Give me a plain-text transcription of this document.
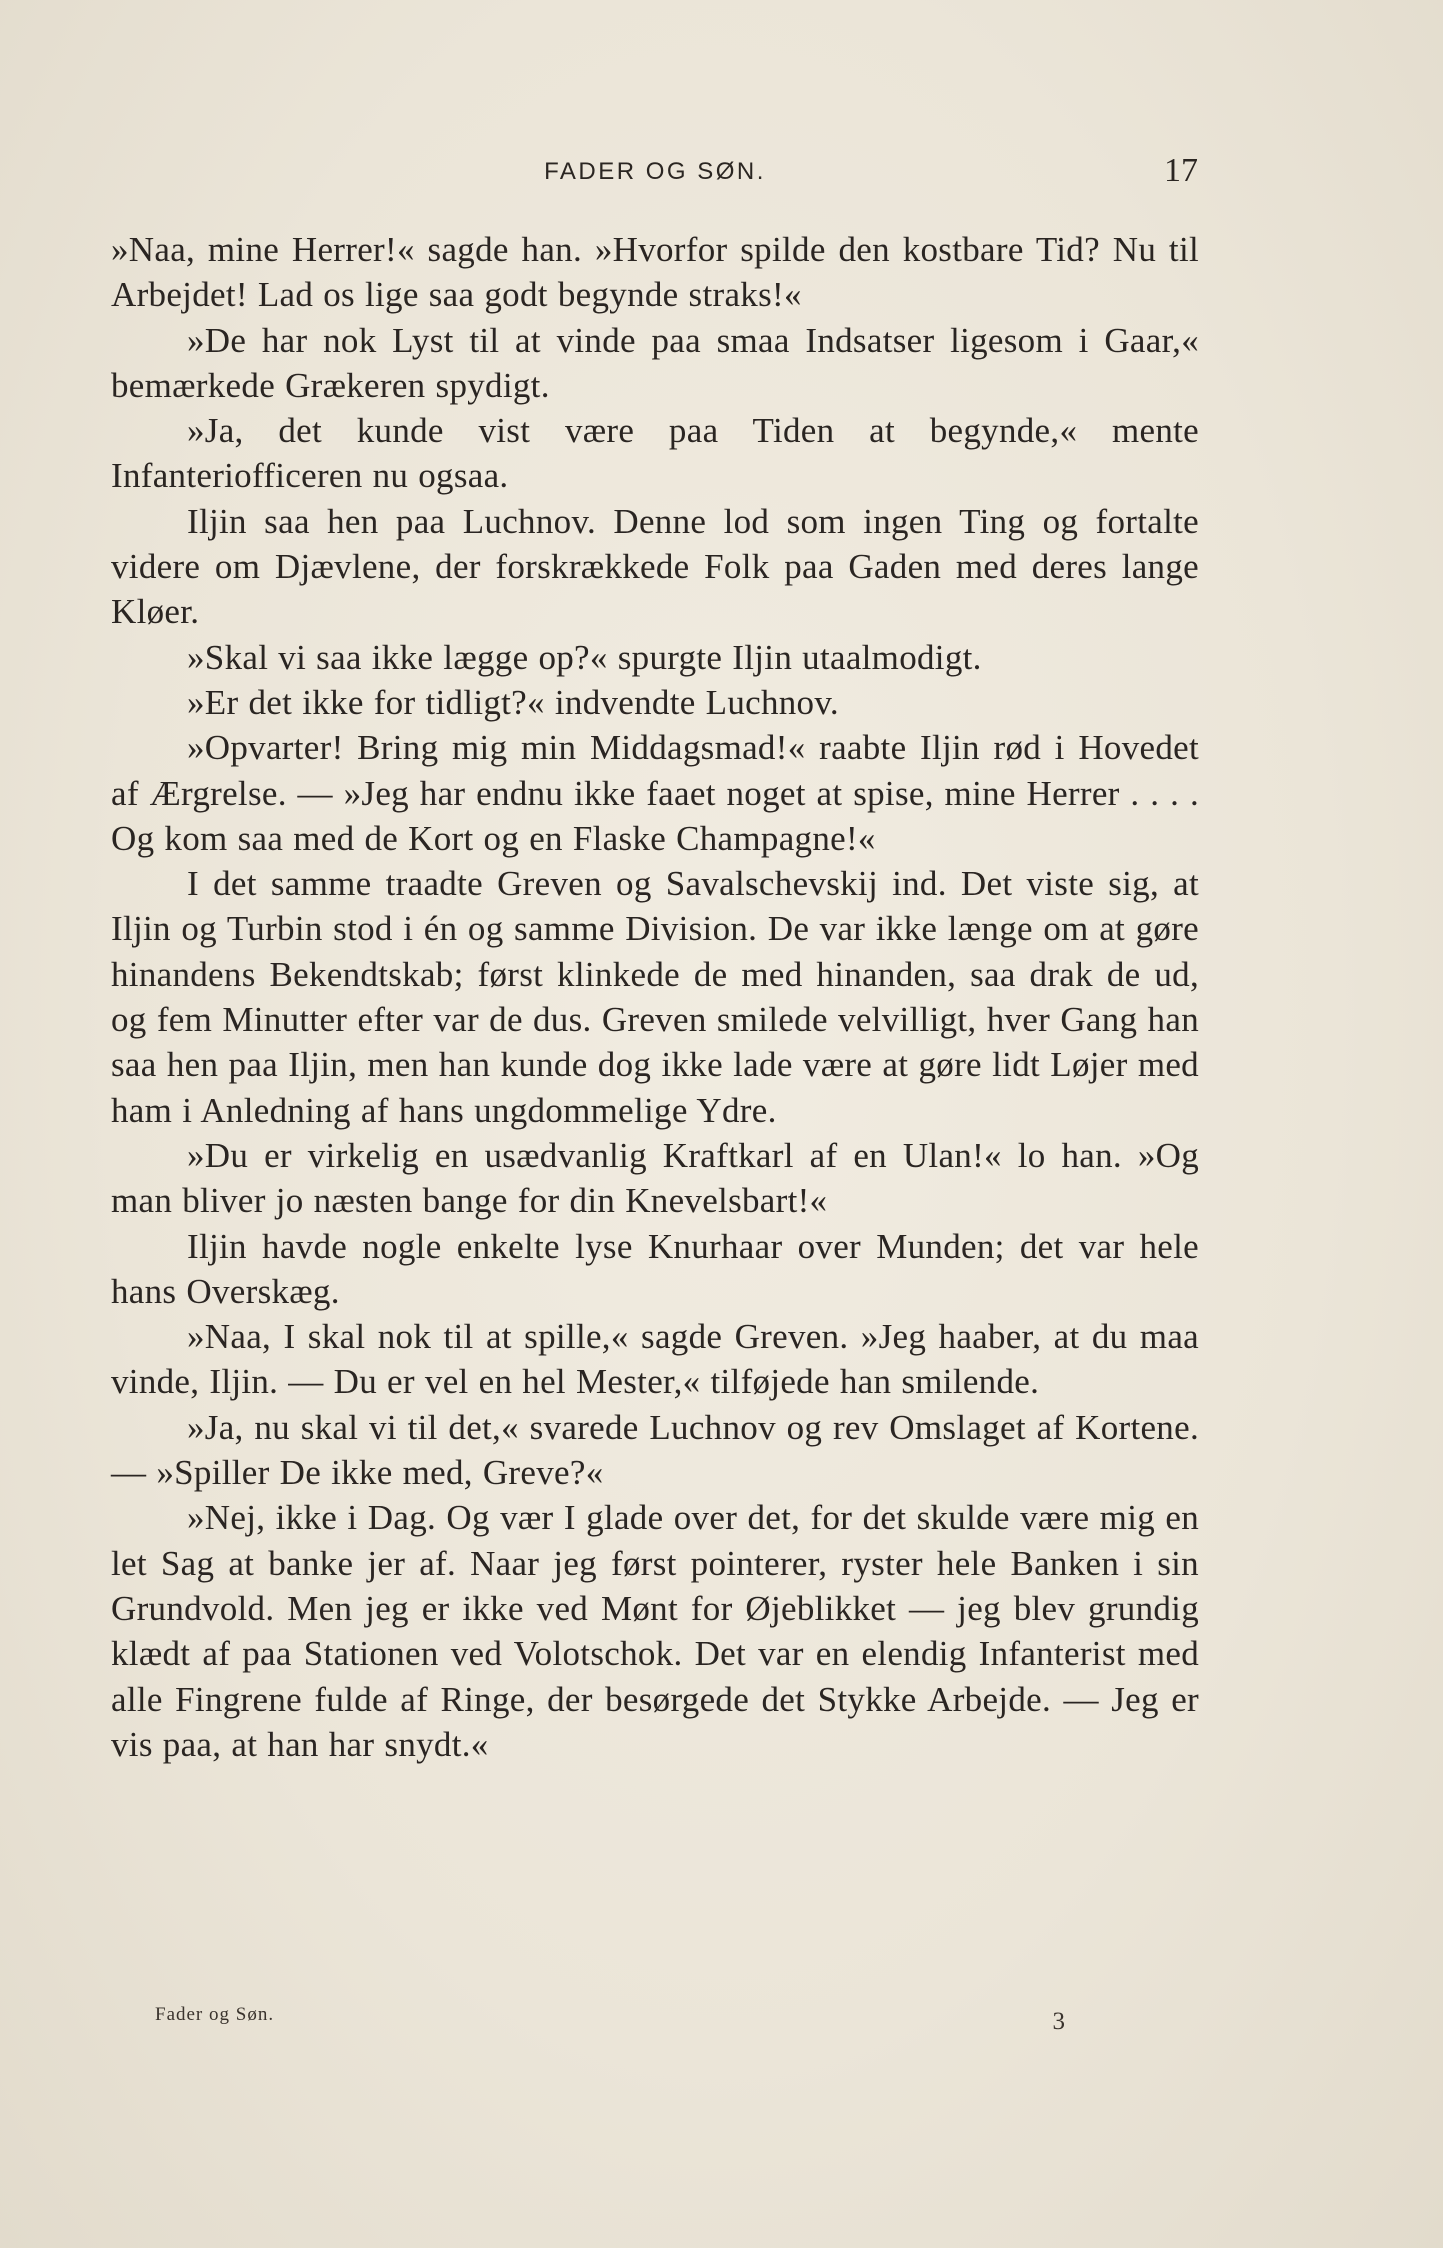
FADER OG SØN.	17

»Naa, mine Herrer!« sagde han. »Hvorfor spilde den kostbare Tid? Nu til Arbejdet! Lad os lige saa godt begynde straks!«

»De har nok Lyst til at vinde paa smaa Indsatser ligesom i Gaar,« bemærkede Grækeren spydigt.

»Ja, det kunde vist være paa Tiden at begynde,« mente Infanteriofficeren nu ogsaa.

Iljin saa hen paa Luchnov. Denne lod som ingen Ting og fortalte videre om Djævlene, der forskrækkede Folk paa Gaden med deres lange Kløer.

»Skal vi saa ikke lægge op?« spurgte Iljin utaalmodigt.

»Er det ikke for tidligt?« indvendte Luchnov.

»Opvarter! Bring mig min Middagsmad!« raabte Iljin rød i Hovedet af Ærgrelse. — »Jeg har endnu ikke faaet noget at spise, mine Herrer . . . . Og kom saa med de Kort og en Flaske Champagne!«

I det samme traadte Greven og Savalschevskij ind. Det viste sig, at Iljin og Turbin stod i én og samme Division. De var ikke længe om at gøre hinandens Bekendtskab; først klinkede de med hinanden, saa drak de ud, og fem Minutter efter var de dus. Greven smilede velvilligt, hver Gang han saa hen paa Iljin, men han kunde dog ikke lade være at gøre lidt Løjer med ham i Anledning af hans ungdommelige Ydre.

»Du er virkelig en usædvanlig Kraftkarl af en Ulan!« lo han. »Og man bliver jo næsten bange for din Knevelsbart!«

Iljin havde nogle enkelte lyse Knurhaar over Munden; det var hele hans Overskæg.

»Naa, I skal nok til at spille,« sagde Greven. »Jeg haaber, at du maa vinde, Iljin. — Du er vel en hel Mester,« tilføjede han smilende.

»Ja, nu skal vi til det,« svarede Luchnov og rev Omslaget af Kortene. — »Spiller De ikke med, Greve?«

»Nej, ikke i Dag. Og vær I glade over det, for det skulde være mig en let Sag at banke jer af. Naar jeg først pointerer, ryster hele Banken i sin Grundvold. Men jeg er ikke ved Mønt for Øjeblikket — jeg blev grundig klædt af paa Stationen ved Volotschok. Det var en elendig Infanterist med alle Fingrene fulde af Ringe, der besørgede det Stykke Arbejde. — Jeg er vis paa, at han har snydt.«

Fader og Søn.	3
